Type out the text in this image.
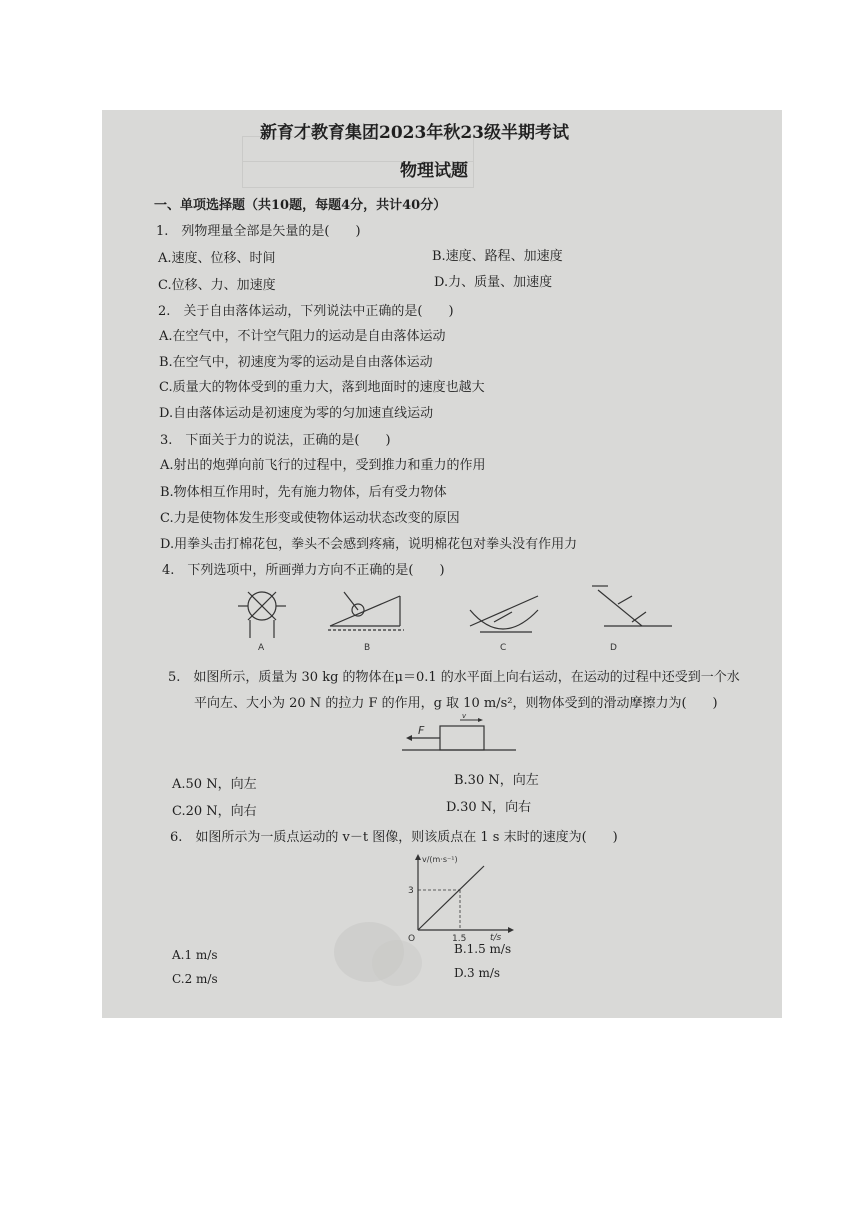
新育才教育集团2023年秋23级半期考试
物理试题
一、单项选择题（共10题，每题4分，共计40分）
1.　列物理量全部是矢量的是(　　)
A.速度、位移、时间	B.速度、路程、加速度
C.位移、力、加速度	D.力、质量、加速度
2.　关于自由落体运动，下列说法中正确的是(　　)
A.在空气中，不计空气阻力的运动是自由落体运动
B.在空气中，初速度为零的运动是自由落体运动
C.质量大的物体受到的重力大，落到地面时的速度也越大
D.自由落体运动是初速度为零的匀加速直线运动
3.　下面关于力的说法，正确的是(　　)
A.射出的炮弹向前飞行的过程中，受到推力和重力的作用
B.物体相互作用时，先有施力物体，后有受力物体
C.力是使物体发生形变或使物体运动状态改变的原因
D.用拳头击打棉花包，拳头不会感到疼痛，说明棉花包对拳头没有作用力
4.　下列选项中，所画弹力方向不正确的是(　　)
A	B	C	D
5.　如图所示，质量为 30 kg 的物体在μ＝0.1 的水平面上向右运动，在运动的过程中还受到一个水
平向左、大小为 20 N 的拉力 F 的作用，g 取 10 m/s²，则物体受到的滑动摩擦力为(　　)
F
v
A.50 N，向左	B.30 N，向左
C.20 N，向右	D.30 N，向右
6.　如图所示为一质点运动的 v－t 图像，则该质点在 1 s 末时的速度为(　　)
v/(m·s⁻¹)
3
1.5	t/s
O
A.1 m/s	B.1.5 m/s
C.2 m/s	D.3 m/s
